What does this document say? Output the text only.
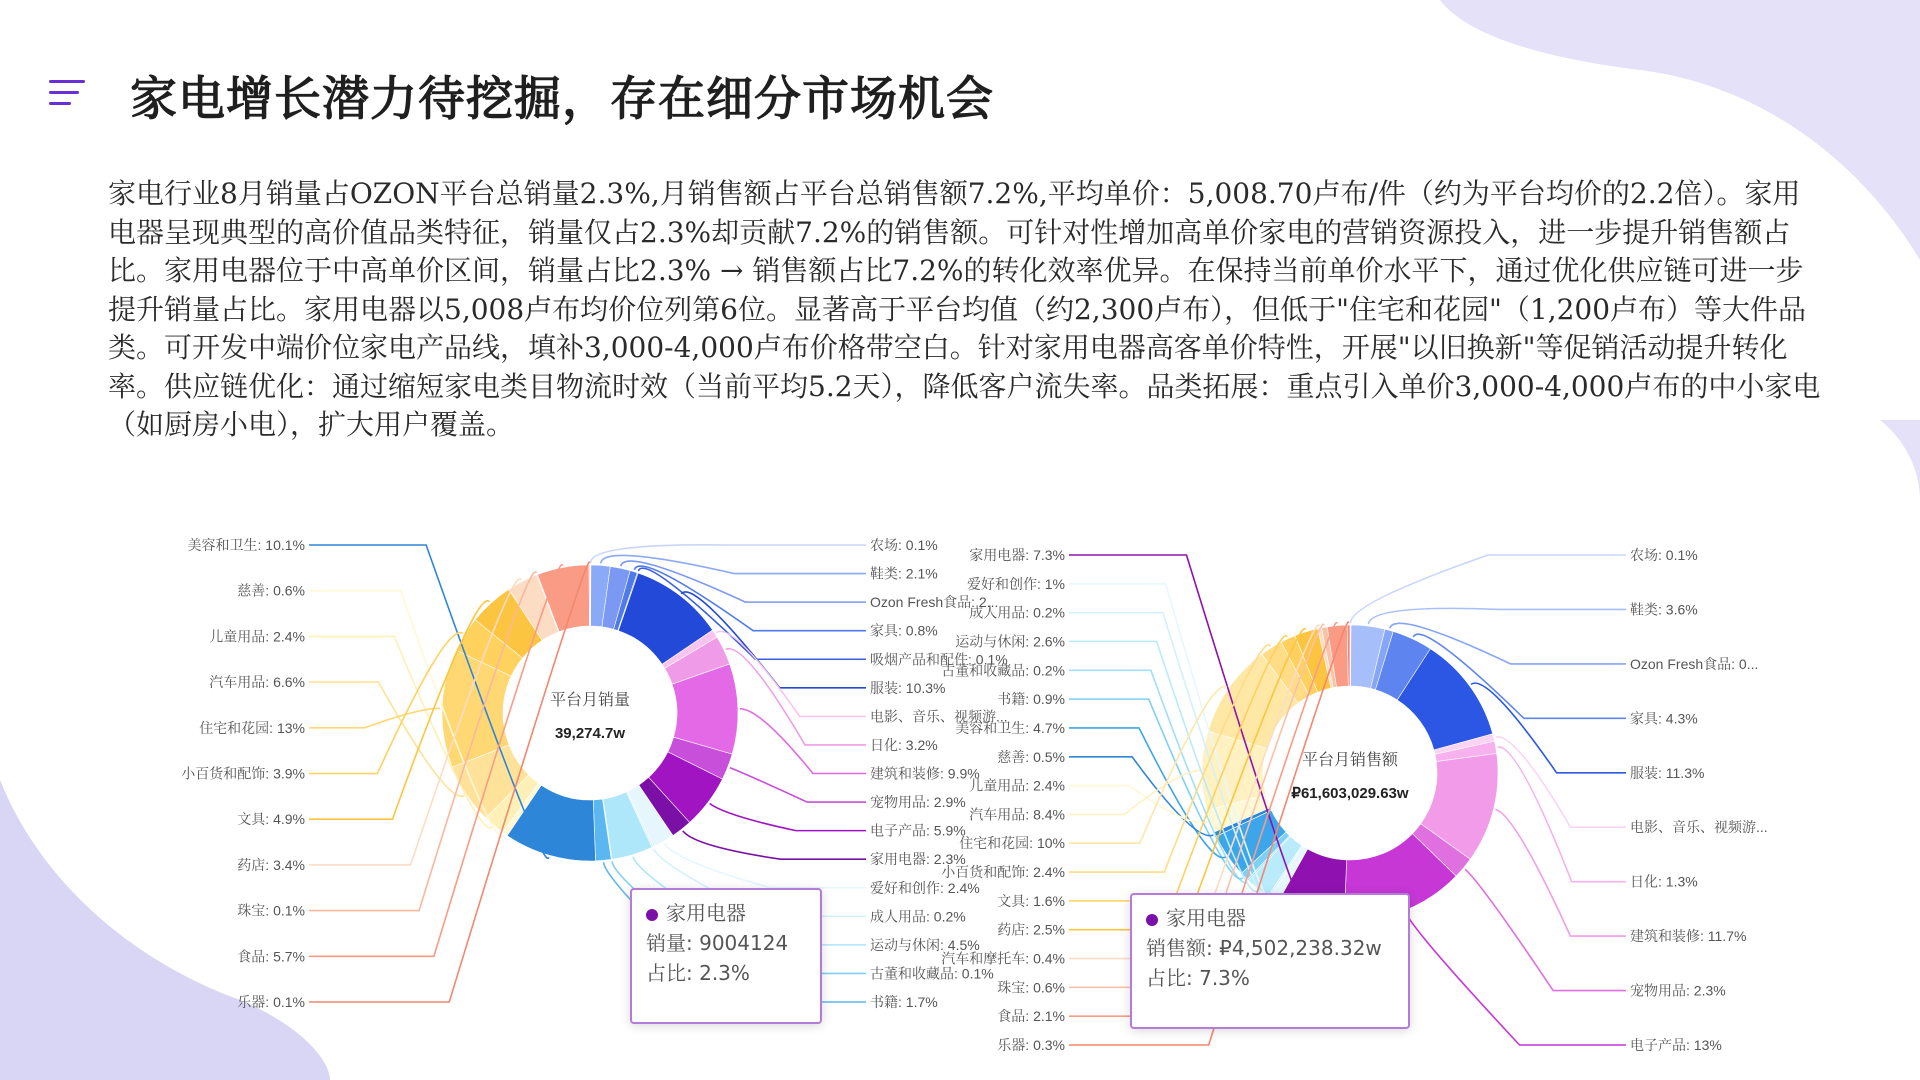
家电增长潜力待挖掘，存在细分市场机会
家电行业8月销量占OZON平台总销量2.3%,月销售额占平台总销售额7.2%,平均单价：5,008.70卢布/件（约为平台均价的2.2倍）。家用电器呈现典型的高价值品类特征，销量仅占2.3%却贡献7.2%的销售额。可针对性增加高单价家电的营销资源投入，进一步提升销售额占比。家用电器位于中高单价区间，销量占比2.3% → 销售额占比7.2%的转化效率优异。在保持当前单价水平下，通过优化供应链可进一步提升销量占比。家用电器以5,008卢布均价位列第6位。显著高于平台均值（约2,300卢布），但低于"住宅和花园"（1,200卢布）等大件品类。可开发中端价位家电产品线，填补3,000-4,000卢布价格带空白。针对家用电器高客单价特性，开展"以旧换新"等促销活动提升转化率。供应链优化：通过缩短家电类目物流时效（当前平均5.2天），降低客户流失率。品类拓展：重点引入单价3,000-4,000卢布的中小家电（如厨房小电），扩大用户覆盖。
农场: 0.1%
鞋类: 2.1%
Ozon Fresh食品: 2...
家具: 0.8%
吸烟产品和配件: 0.1%
服装: 10.3%
电影、音乐、视频游...
日化: 3.2%
建筑和装修: 9.9%
宠物用品: 2.9%
电子产品: 5.9%
家用电器: 2.3%
爱好和创作: 2.4%
成人用品: 0.2%
运动与休闲: 4.5%
古董和收藏品: 0.1%
书籍: 1.7%
美容和卫生: 10.1%
慈善: 0.6%
儿童用品: 2.4%
汽车用品: 6.6%
住宅和花园: 13%
小百货和配饰: 3.9%
文具: 4.9%
药店: 3.4%
珠宝: 0.1%
食品: 5.7%
乐器: 0.1%
平台月销量
39,274.7w
农场: 0.1%
鞋类: 3.6%
Ozon Fresh食品: 0...
家具: 4.3%
服装: 11.3%
电影、音乐、视频游...
日化: 1.3%
建筑和装修: 11.7%
宠物用品: 2.3%
电子产品: 13%
家用电器: 7.3%
爱好和创作: 1%
成人用品: 0.2%
运动与休闲: 2.6%
古董和收藏品: 0.2%
书籍: 0.9%
美容和卫生: 4.7%
慈善: 0.5%
儿童用品: 2.4%
汽车用品: 8.4%
住宅和花园: 10%
小百货和配饰: 2.4%
文具: 1.6%
药店: 2.5%
汽车和摩托车: 0.4%
珠宝: 0.6%
食品: 2.1%
乐器: 0.3%
平台月销售额
₽61,603,029.63w
家用电器
销量: 9004124
占比: 2.3%
家用电器
销售额: ₽4,502,238.32w
占比: 7.3%
